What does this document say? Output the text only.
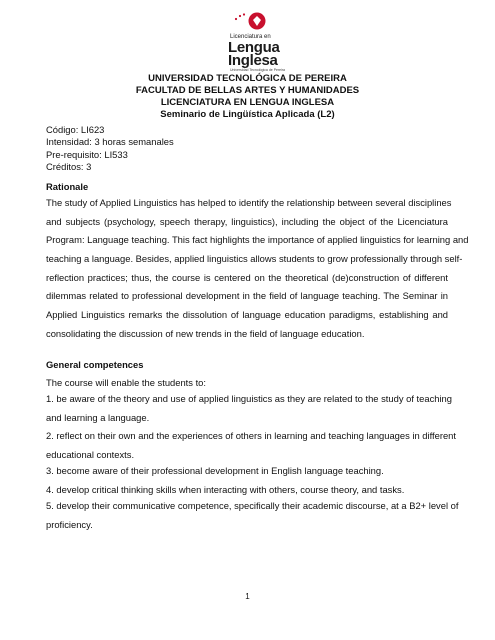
Licenciatura en
Lengua
Inglesa
Universidad Tecnológica de Pereira
UNIVERSIDAD TECNOLÓGICA DE PEREIRA
FACULTAD DE BELLAS ARTES Y HUMANIDADES
LICENCIATURA EN LENGUA INGLESA
Seminario de Lingüística Aplicada (L2)
Código: LI623
Intensidad: 3 horas semanales
Pre-requisito: LI533
Créditos: 3
Rationale
The study of Applied Linguistics has helped to identify the relationship between several disciplines
and subjects (psychology, speech therapy, linguistics), including the object of the Licenciatura
Program: Language teaching. This fact highlights the importance of applied linguistics for learning and
teaching a language. Besides, applied linguistics allows students to grow professionally through self-
reflection practices; thus, the course is centered on the theoretical (de)construction of different
dilemmas related to professional development in the field of language teaching. The Seminar in
Applied Linguistics remarks the dissolution of language education paradigms, establishing and
consolidating the discussion of new trends in the field of language education.
General competences
The course will enable the students to:
1. be aware of the theory and use of applied linguistics as they are related to the study of teaching
and learning a language.
2. reflect on their own and the experiences of others in learning and teaching languages in different
educational contexts.
3. become aware of their professional development in English language teaching.
4. develop critical thinking skills when interacting with others, course theory, and tasks.
5. develop their communicative competence, specifically their academic discourse, at a B2+ level of
proficiency.
1
